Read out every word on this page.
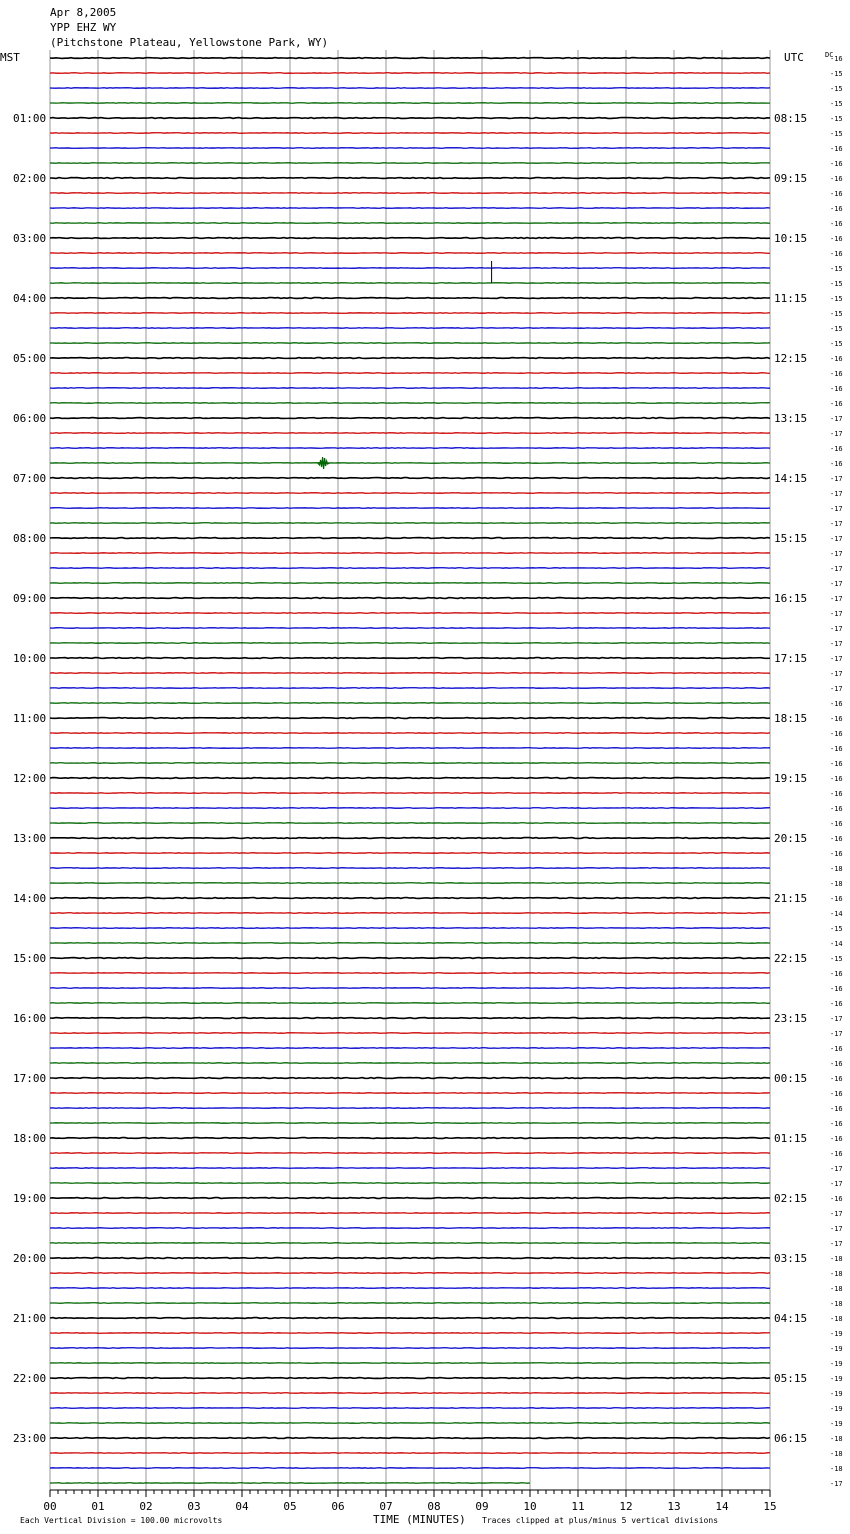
Apr 8,2005
YPP EHZ WY
(Pitchstone Plateau, Yellowstone Park, WY)
MST	UTC	DC
01:00
02:00
03:00
04:00
05:00
06:00
07:00
08:00
09:00
10:00
11:00
12:00
13:00
14:00
15:00
16:00
17:00
18:00
19:00
20:00
21:00
22:00
23:00
08:15
09:15
10:15
11:15
12:15
13:15
14:15
15:15
16:15
17:15
18:15
19:15
20:15
21:15
22:15
23:15
00:15
01:15
02:15
03:15
04:15
05:15
06:15
-16
-15
-15
-15
-15
-15
-16
-16
-16
-16
-16
-16
-16
-16
-15
-15
-15
-15
-15
-15
-16
-16
-16
-16
-17
-17
-16
-16
-17
-17
-17
-17
-17
-17
-17
-17
-17
-17
-17
-17
-17
-17
-17
-16
-16
-16
-16
-16
-16
-16
-16
-16
-16
-16
-18
-18
-16
-14
-15
-14
-15
-16
-16
-16
-17
-17
-16
-16
-16
-16
-16
-16
-16
-16
-17
-17
-16
-17
-17
-17
-18
-18
-18
-18
-18
-19
-19
-19
-19
-19
-19
-19
-18
-18
-18
-17
00	01	02	03	04	05	06	07	08	09	10	11	12	13	14	15
TIME (MINUTES)
Each Vertical Division = 100.00 microvolts	Traces clipped at plus/minus 5 vertical divisions
